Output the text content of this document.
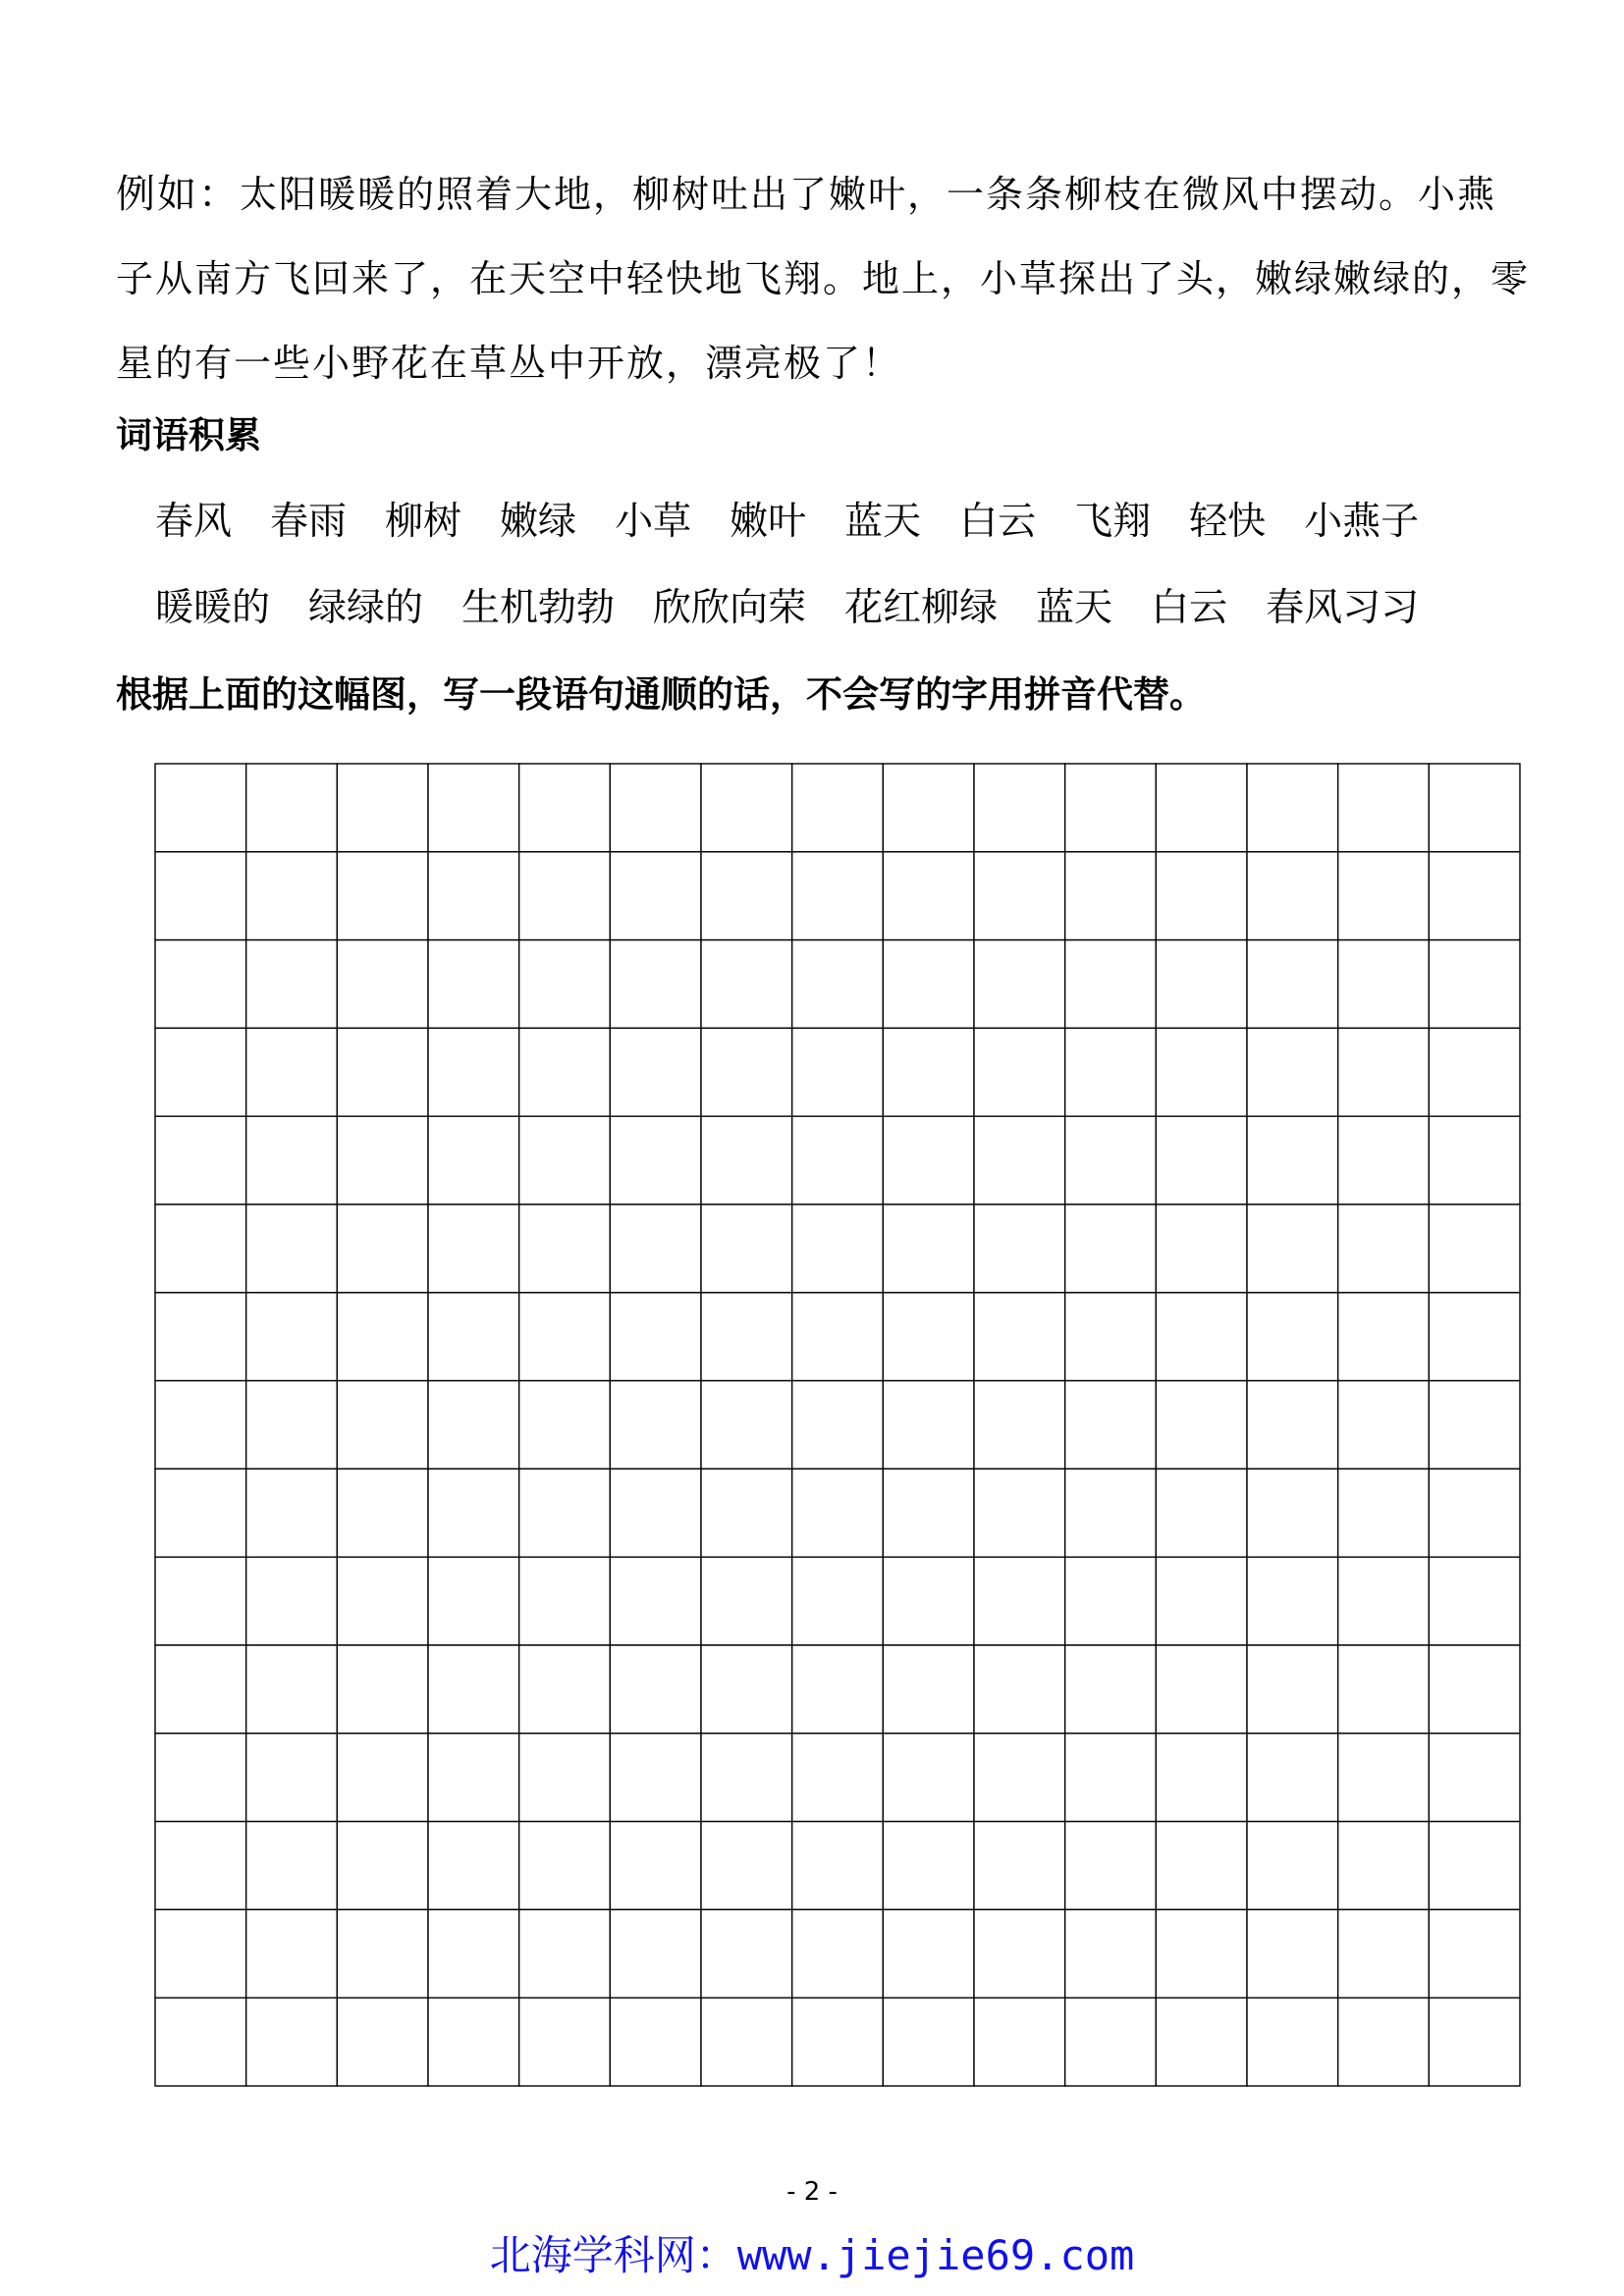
例如：太阳暖暖的照着大地，柳树吐出了嫩叶，一条条柳枝在微风中摆动。小燕子从南方飞回来了，在天空中轻快地飞翔。地上，小草探出了头，嫩绿嫩绿的，零星的有一些小野花在草丛中开放，漂亮极了！
词语积累
春风 春雨 柳树 嫩绿 小草 嫩叶 蓝天 白云 飞翔 轻快 小燕子
暖暖的 绿绿的 生机勃勃 欣欣向荣 花红柳绿 蓝天 白云 春风习习
根据上面的这幅图，写一段语句通顺的话，不会写的字用拼音代替。
- 2 -
北海学科网：www.jiejie69.com
